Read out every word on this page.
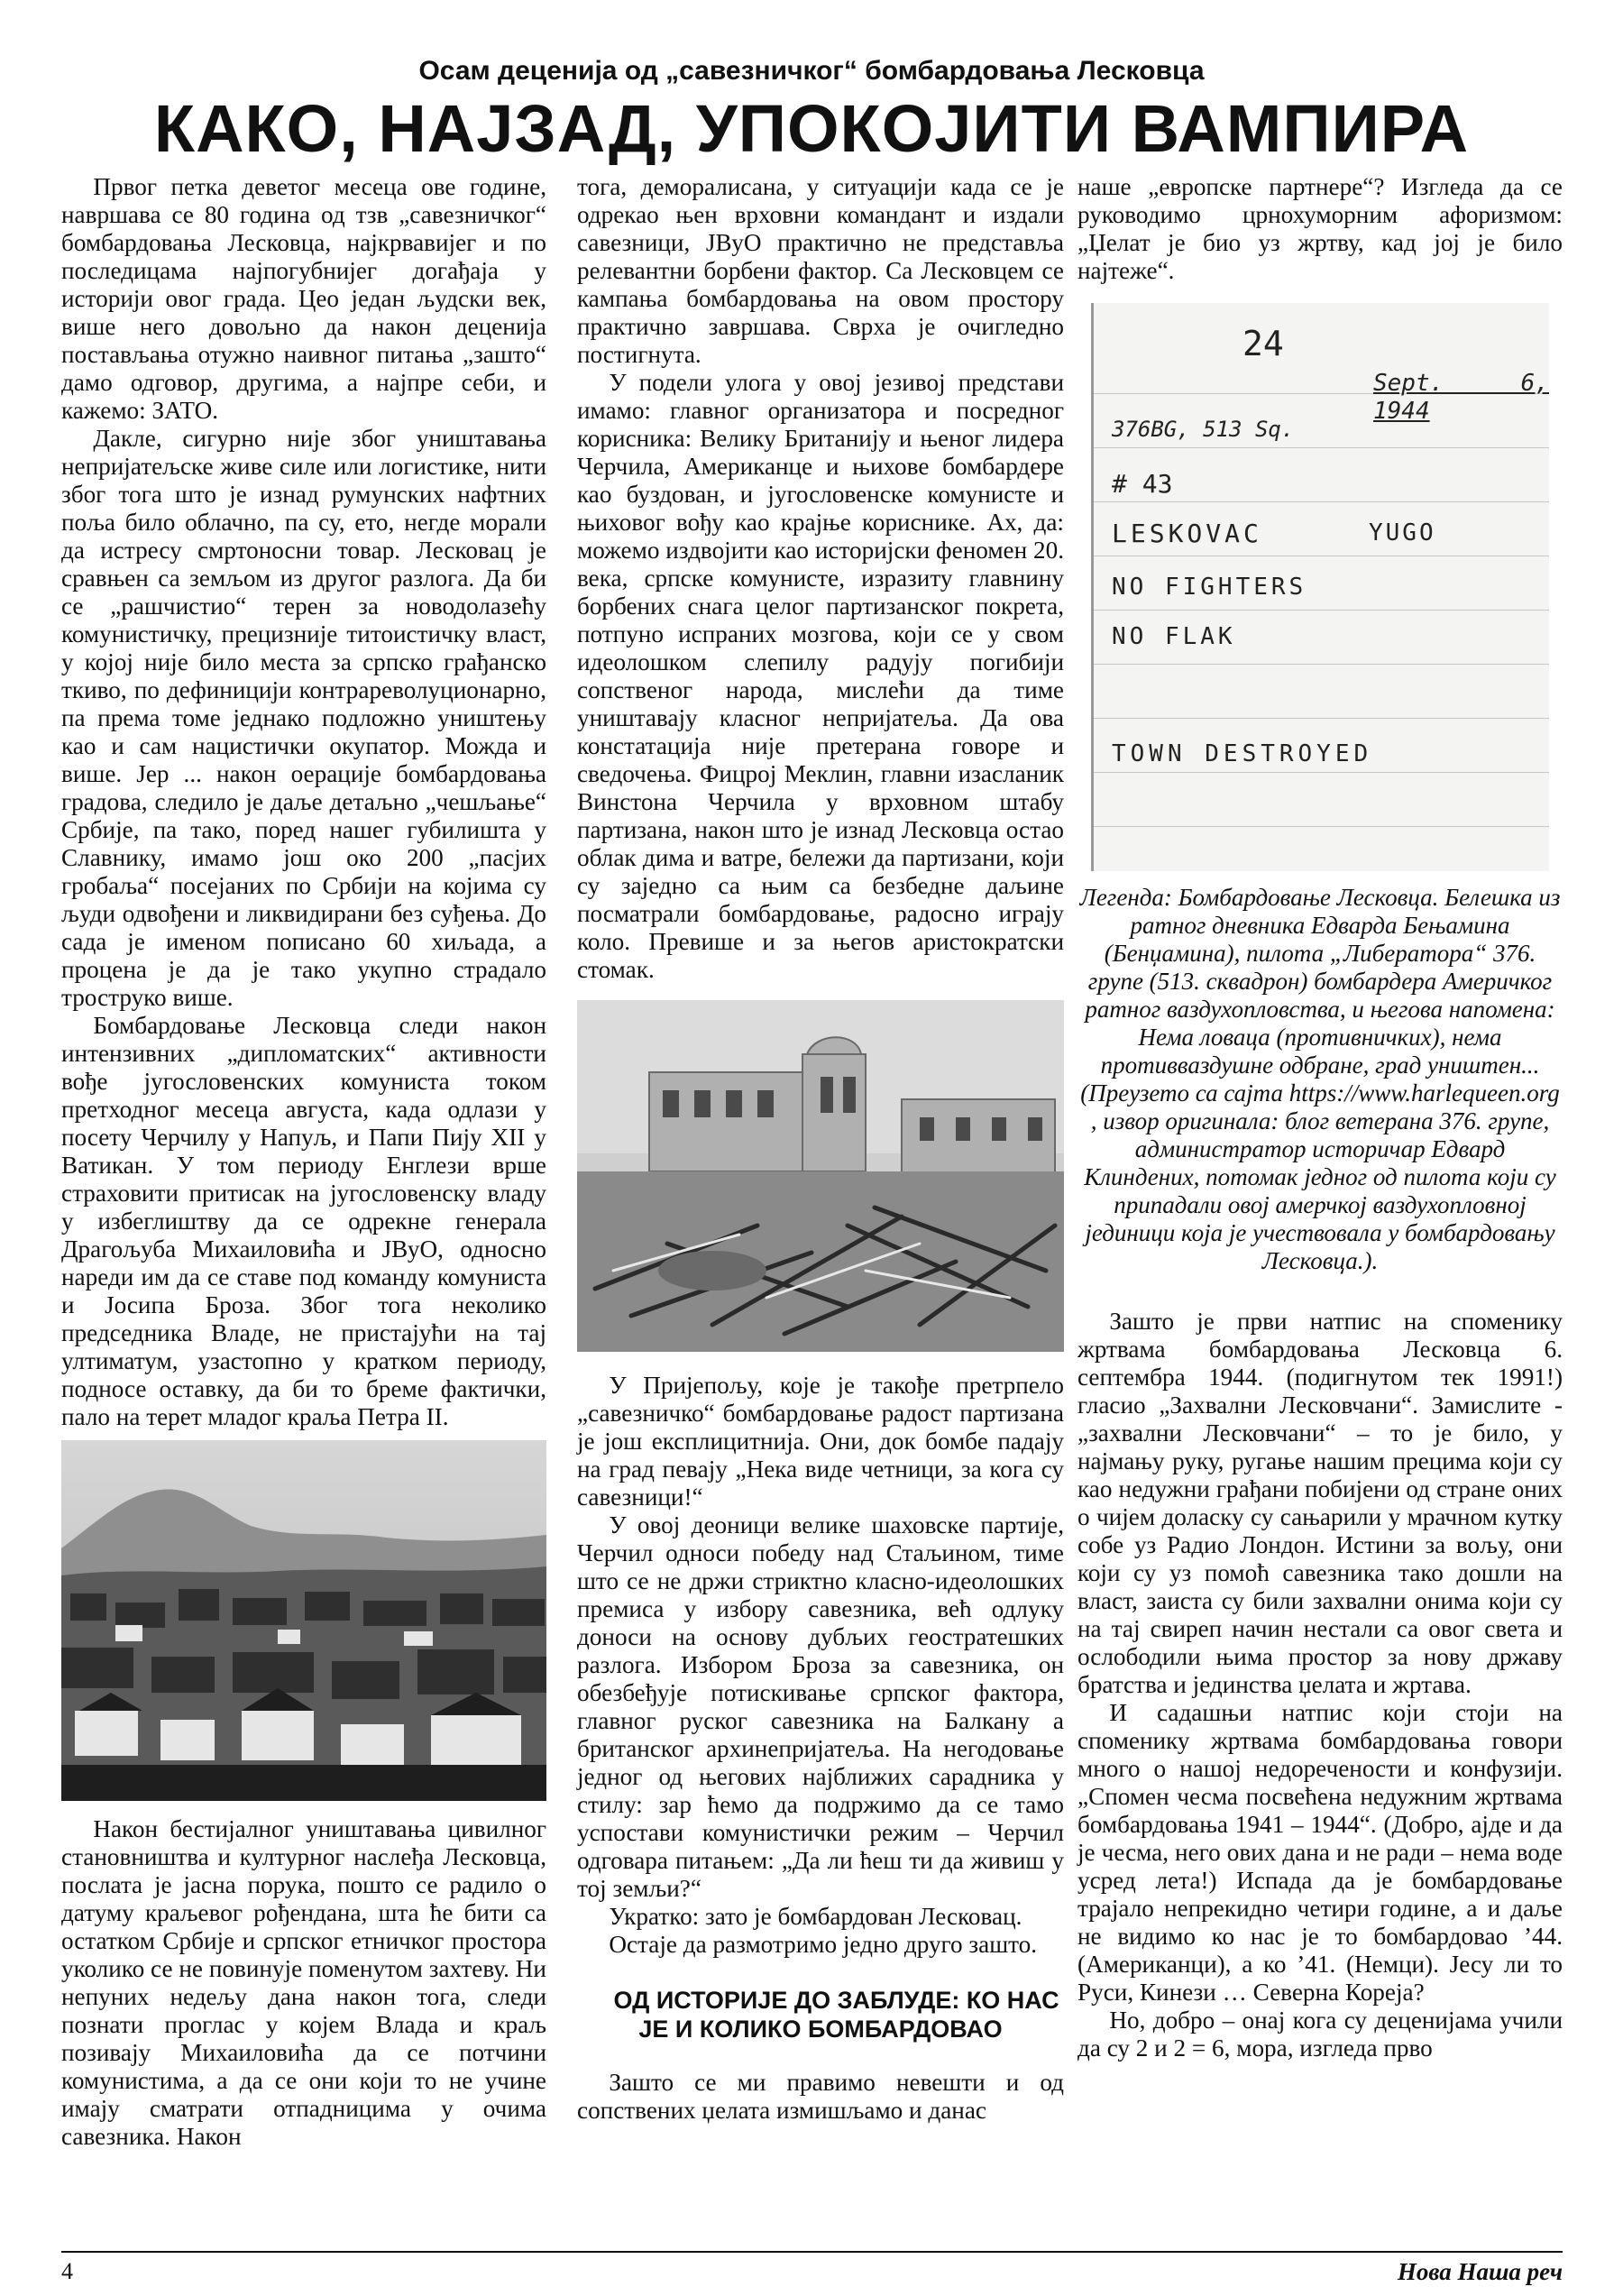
Осам деценија од „савезничког“ бомбардовања Лесковца
КАКО, НАЈЗАД, УПОКОЈИТИ ВАМПИРА

Првог петка деветог месеца ове године, навршава се 80 година од тзв „савезничког“ бомбардовања Лесковца, најкрвавијег и по последицама најпогубнијег догађаја у историји овог града. Цео један људски век, више него довољно да након деценија постављања отужно наивног питања „зашто“ дамо одговор, другима, а најпре себи, и кажемо: ЗАТО.

Дакле, сигурно није због уништавања непријатељске живе силе или логистике, нити због тога што је изнад румунских нафтних поља било облачно, па су, ето, негде морали да истресу смртоносни товар. Лесковац је сравњен са земљом из другог разлога. Да би се „рашчистио“ терен за новодолазећу комунистичку, прецизније титоистичку власт, у којој није било места за српско грађанско ткиво, по дефиницији контрареволуционарно, па према томе једнако подложно уништењу као и сам нацистички окупатор. Можда и више. Јер ... након оерације бомбардовања градова, следило је даље детаљно „чешљање“ Србије, па тако, поред нашег губилишта у Славнику, имамо још око 200 „пасјих гробаља“ посејаних по Србији на којима су људи одвођени и ликвидирани без суђења. До сада је именом пописано 60 хиљада, а процена је да је тако укупно страдало троструко више.

Бомбардовање Лесковца следи након интензивних „дипломатских“ активности вође југословенских комуниста током претходног месеца августа, када одлази у посету Черчилу у Напуљ, и Папи Пију XII у Ватикан. У том периоду Енглези врше страховити притисак на југословенску владу у избеглиштву да се одрекне генерала Драгољуба Михаиловића и ЈВуО, односно нареди им да се ставе под команду комуниста и Јосипа Броза. Због тога неколико председника Владе, не пристајући на тај ултиматум, узастопно у кратком периоду, подносе оставку, да би то бреме фактички, пало на терет младог краља Петра II.

Након бестијалног уништавања цивилног становништва и културног наслеђа Лесковца, послата је јасна порука, пошто се радило о датуму краљевог рођендана, шта ће бити са остатком Србије и српског етничког простора уколико се не повинује поменутом захтеву. Ни непуних недељу дана након тога, следи познати проглас у којем Влада и краљ позивају Михаиловића да се потчини комунистима, а да се они који то не учине имају сматрати отпадницима у очима савезника. Након

тога, деморалисана, у ситуацији када се је одрекао њен врховни командант и издали савезници, ЈВуО практично не представља релевантни борбени фактор. Са Лесковцем се кампања бомбардовања на овом простору практично завршава. Сврха је очигледно постигнута.

У подели улога у овој језивој представи имамо: главног организатора и посредног корисника: Велику Британију и њеног лидера Черчила, Американце и њихове бомбардере као буздован, и југословенске комунисте и њиховог вођу као крајње кориснике. Ах, да: можемо издвојити као историјски феномен 20. века, српске комунисте, изразиту главнину борбених снага целог партизанског покрета, потпуно испраних мозгова, који се у свом идеолошком слепилу радују погибији сопственог народа, мислећи да тиме уништавају класног непријатеља. Да ова констатација није претерана говоре и сведочења. Фицрој Меклин, главни изасланик Винстона Черчила у врховном штабу партизана, након што је изнад Лесковца остао облак дима и ватре, бележи да партизани, који су заједно са њим са безбедне даљине посматрали бомбардовање, радосно играју коло. Превише и за његов аристократски стомак.

У Пријепољу, које је такође претрпело „савезничко“ бомбардовање радост партизана је још експлицитнија. Они, док бомбе падају на град певају „Нека виде четници, за кога су савезници!“

У овој деоници велике шаховске партије, Черчил односи победу над Стаљином, тиме што се не држи стриктно класно-идеолошких премиса у избору савезника, већ одлуку доноси на основу дубљих геостратешких разлога. Избором Броза за савезника, он обезбеђује потискивање српског фактора, главног руског савезника на Балкану а британског архинепријатеља. На негодовање једног од његових најближих сарадника у стилу: зар ћемо да подржимо да се тамо успостави комунистички режим – Черчил одговара питањем: „Да ли ћеш ти да живиш у тој земљи?“

Укратко: зато је бомбардован Лесковац.

Остаје да размотримо једно друго зашто.

ОД ИСТОРИЈЕ ДО ЗАБЛУДЕ: КО НАС ЈЕ И КОЛИКО БОМБАРДОВАО

Зашто се ми правимо невешти и од сопствених џелата измишљамо и данас

наше „европске партнере“? Изгледа да се руководимо црнохуморним афоризмом: „Џелат је био уз жртву, кад јој је било најтеже“.

24
Sept. 6, 1944
376BG, 513 Sq.
# 43
LESKOVAC	YUGO
NO FIGHTERS
NO FLAK
TOWN DESTROYED
Легенда: Бомбардовање Лесковца. Белешка из ратног дневника Едварда Бењамина (Бенџамина), пилота „Либератора“ 376. групе (513. сквадрон) бомбардера Америчког ратног ваздухопловства, и његова напомена: Нема ловаца (противничких), нема противваздушне одбране, град уништен... (Преузето са сајта https://www.harlequeen.org , извор оригинала: блог ветерана 376. групе, администратор историчар Едвард Клиндених, потомак једног од пилота који су припадали овој амерчкој ваздухопловној јединици која је учествовала у бомбардовању Лесковца.).

Зашто је први натпис на споменику жртвама бомбардовања Лесковца 6. септембра 1944. (подигнутом тек 1991!) гласио „Захвални Лесковчани“. Замислите - „захвални Лесковчани“ – то је било, у најмању руку, ругање нашим прецима који су као недужни грађани побијени од стране оних о чијем доласку су сањарили у мрачном кутку собе уз Радио Лондон. Истини за вољу, они који су уз помоћ савезника тако дошли на власт, заиста су били захвални онима који су на тај свиреп начин нестали са овог света и ослободили њима простор за нову државу братства и јединства џелата и жртава.

И садашњи натпис који стоји на споменику жртвама бомбардовања говори много о нашој недоречености и конфузији. „Спомен чесма посвећена недужним жртвама бомбардовања 1941 – 1944“. (Добро, ајде и да је чесма, него ових дана и не ради – нема воде усред лета!) Испада да је бомбардовање трајало непрекидно четири године, а и даље не видимо ко нас је то бомбардовао ’44. (Американци), а ко ’41. (Немци). Јесу ли то Руси, Кинези … Северна Кореја?

Но, добро – онај кога су деценијама учили да су 2 и 2 = 6, мора, изгледа прво

4	Нова Наша реч
